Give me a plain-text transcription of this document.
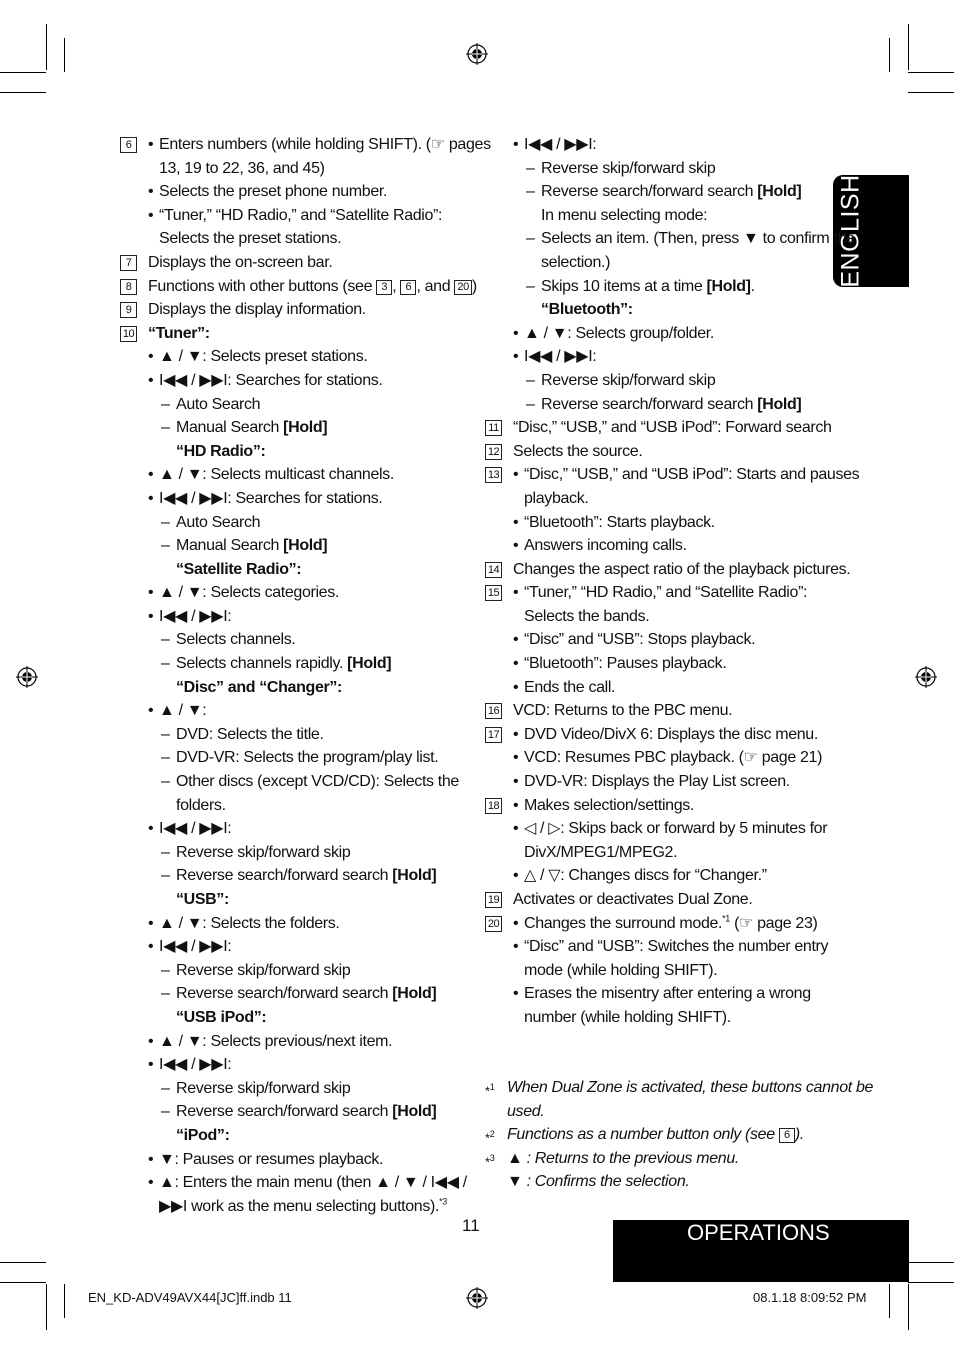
ENGLISH
6	• Enters numbers (while holding SHIFT). (☞ pages
13, 19 to 22, 36, and 45)
• Selects the preset phone number.
• “Tuner,” “HD Radio,” and “Satellite Radio”:
Selects the preset stations.
7	Displays the on-screen bar.
8	Functions with other buttons (see 3 , 6 , and 20 )
9	Displays the display information.
10 “Tuner”:
• ▲ / ▼: Selects preset stations.
• I◀◀ / ▶▶I: Searches for stations.
– Auto Search
– Manual Search [Hold]
“HD Radio”:
• ▲ / ▼: Selects multicast channels.
• I◀◀ / ▶▶I: Searches for stations.
– Auto Search
– Manual Search [Hold]
“Satellite Radio”:
• ▲ / ▼: Selects categories.
• I◀◀ / ▶▶I:
– Selects channels.
– Selects channels rapidly. [Hold]
“Disc” and “Changer”:
• ▲ / ▼:
– DVD: Selects the title.
– DVD-VR: Selects the program/play list.
– Other discs (except VCD/CD): Selects the
folders.
• I◀◀ / ▶▶I:
– Reverse skip/forward skip
– Reverse search/forward search [Hold]
“USB”:
• ▲ / ▼: Selects the folders.
• I◀◀ / ▶▶I:
– Reverse skip/forward skip
– Reverse search/forward search [Hold]
“USB iPod”:
• ▲ / ▼: Selects previous/next item.
• I◀◀ / ▶▶I:
– Reverse skip/forward skip
– Reverse search/forward search [Hold]
“iPod”:
• ▼: Pauses or resumes playback.
• ▲: Enters the main menu (then ▲ / ▼ / I◀◀ /
▶▶I work as the menu selecting buttons).$^{*3}$
• I◀◀ / ▶▶I:
– Reverse skip/forward skip
– Reverse search/forward search [Hold]
In menu selecting mode:
– Selects an item. (Then, press ▼ to confirm the
selection.)
– Skips 10 items at a time [Hold].
“Bluetooth”:
• ▲ / ▼: Selects group/folder.
• I◀◀ / ▶▶I:
– Reverse skip/forward skip
– Reverse search/forward search [Hold]
11 “Disc,” “USB,” and “USB iPod”: Forward search
12 Selects the source.
13 • “Disc,” “USB,” and “USB iPod”: Starts and pauses
playback.
• “Bluetooth”: Starts playback.
• Answers incoming calls.
14 Changes the aspect ratio of the playback pictures.
15 • “Tuner,” “HD Radio,” and “Satellite Radio”:
Selects the bands.
• “Disc” and “USB”: Stops playback.
• “Bluetooth”: Pauses playback.
• Ends the call.
16 VCD: Returns to the PBC menu.
17 • DVD Video/DivX 6: Displays the disc menu.
• VCD: Resumes PBC playback. (☞ page 21)
• DVD-VR: Displays the Play List screen.
18 • Makes selection/settings.
• ◁ / ▷: Skips back or forward by 5 minutes for
DivX/MPEG1/MPEG2.
• △ / ▽: Changes discs for “Changer.”
19 Activates or deactivates Dual Zone.
20 • Changes the surround mode.$^{*1}$ (☞ page 23)
• “Disc” and “USB”: Switches the number entry
mode (while holding SHIFT).
• Erases the misentry after entering a wrong
number (while holding SHIFT).
*$^1$ When Dual Zone is activated, these buttons cannot be
used.
*$^2$ Functions as a number button only (see 6 ).
*$^3$ ▲ : Returns to the previous menu.
▼ : Confirms the selection.
11	OPERATIONS
EN_KD-ADV49AVX44[JC]ff.indb 11	08.1.18 8:09:52 PM
